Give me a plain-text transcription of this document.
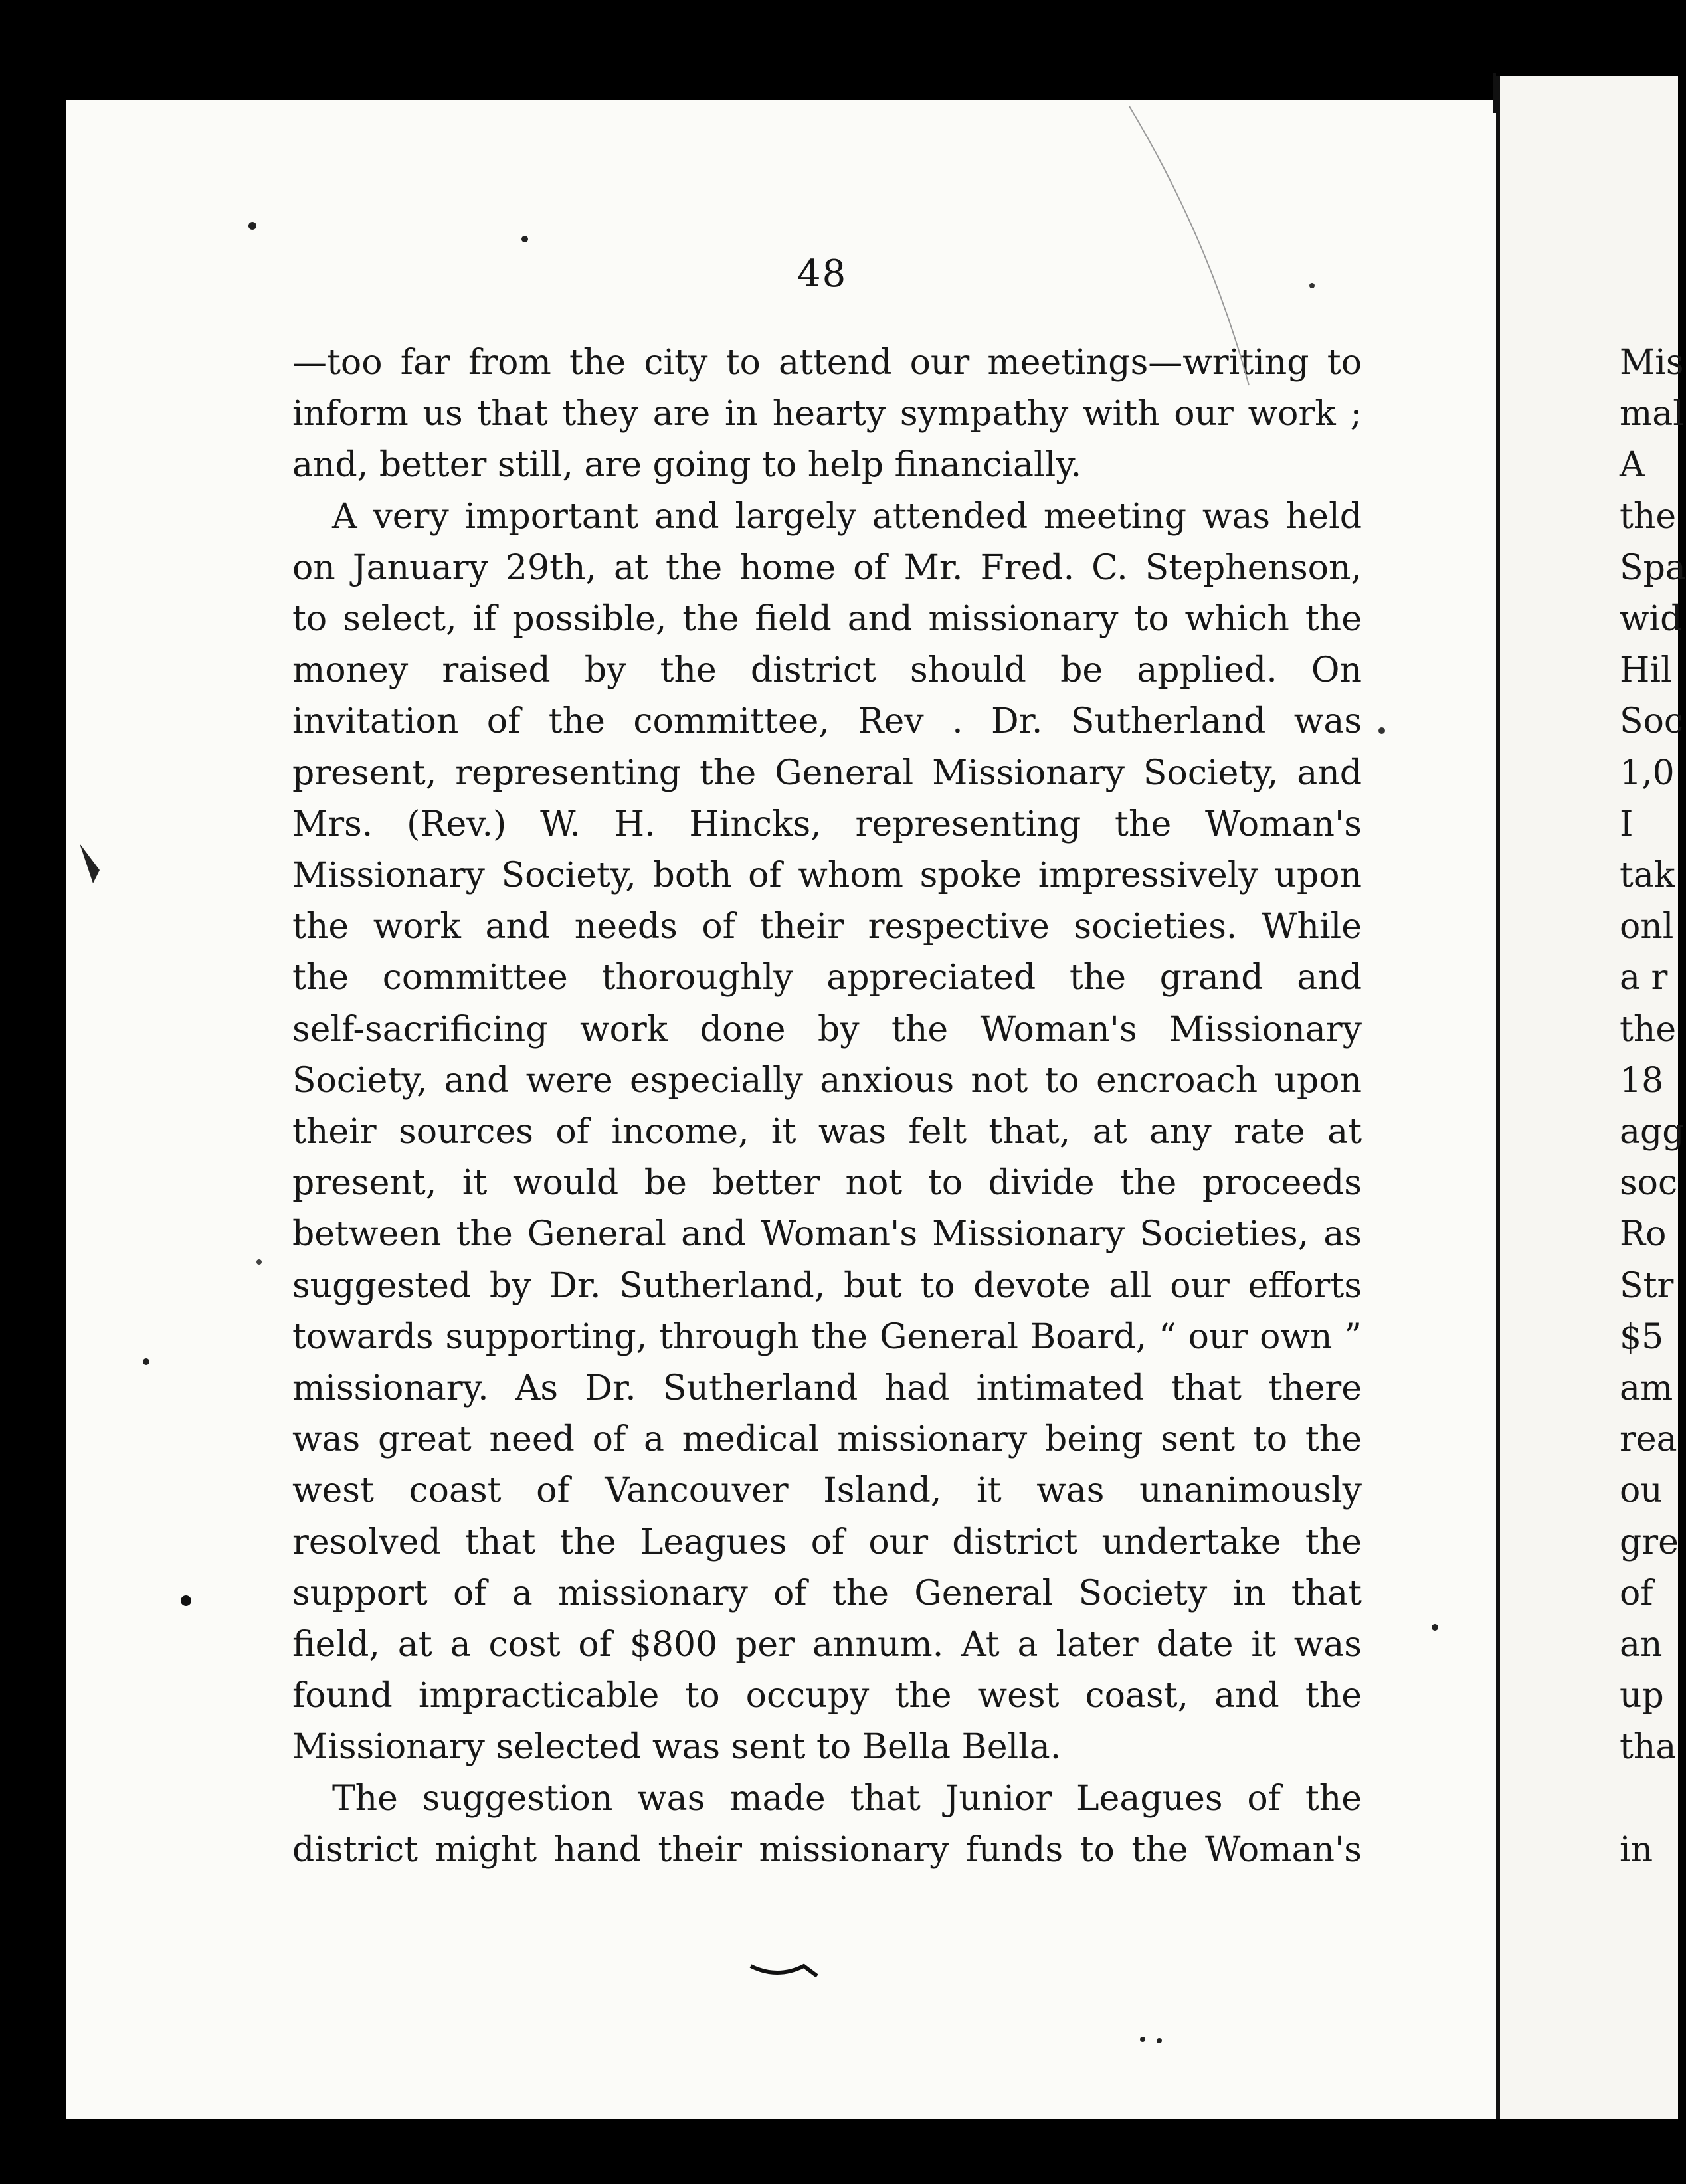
48
—too far from the city to attend our meetings—writing to
inform us that they are in hearty sympathy with our work ;
and, better still, are going to help financially.
A very important and largely attended meeting was held
on January 29th, at the home of Mr. Fred. C. Stephenson,
to select, if possible, the field and missionary to which the
money raised by the district should be applied. On
invitation of the committee, Rev . Dr. Sutherland was
present, representing the General Missionary Society, and
Mrs. (Rev.) W. H. Hincks, representing the Woman's
Missionary Society, both of whom spoke impressively upon
the work and needs of their respective societies. While
the committee thoroughly appreciated the grand and
self-sacrificing work done by the Woman's Missionary
Society, and were especially anxious not to encroach upon
their sources of income, it was felt that, at any rate at
present, it would be better not to divide the proceeds
between the General and Woman's Missionary Societies, as
suggested by Dr. Sutherland, but to devote all our efforts
towards supporting, through the General Board, “ our own ”
missionary. As Dr. Sutherland had intimated that there
was great need of a medical missionary being sent to the
west coast of Vancouver Island, it was unanimously
resolved that the Leagues of our district undertake the
support of a missionary of the General Society in that
field, at a cost of $800 per annum. At a later date it was
found impracticable to occupy the west coast, and the
Missionary selected was sent to Bella Bella.
The suggestion was made that Junior Leagues of the
district might hand their missionary funds to the Woman's
Mis
mal
A
the
Spa
wid
Hil
Soc
1,0
I
tak
onl
a r
the
18
agg
soc
Ro
Str
$5
am
rea
ou
gre
of
an
up
tha
in
